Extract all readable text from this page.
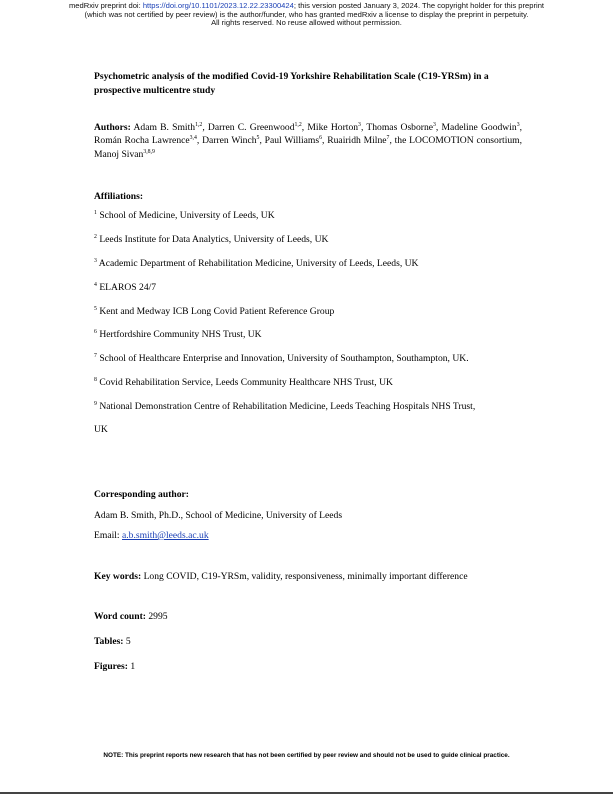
medRxiv preprint doi: https://doi.org/10.1101/2023.12.22.23300424; this version posted January 3, 2024. The copyright holder for this preprint
(which was not certified by peer review) is the author/funder, who has granted medRxiv a license to display the preprint in perpetuity.
All rights reserved. No reuse allowed without permission.
Psychometric analysis of the modified Covid-19 Yorkshire Rehabilitation Scale (C19-YRSm) in a prospective multicentre study
Authors: Adam B. Smith$^{1,2}$, Darren C. Greenwood$^{1,2}$, Mike Horton$^3$, Thomas Osborne$^3$, Madeline Goodwin$^3$, Román Rocha Lawrence$^{3,4}$, Darren Winch$^5$, Paul Williams$^6$, Ruairidh Milne$^7$, the LOCOMOTION consortium, Manoj Sivan$^{3,8,9}$
Affiliations:
$^1$ School of Medicine, University of Leeds, UK
$^2$ Leeds Institute for Data Analytics, University of Leeds, UK
$^3$ Academic Department of Rehabilitation Medicine, University of Leeds, Leeds, UK
$^4$ ELAROS 24/7
$^5$ Kent and Medway ICB Long Covid Patient Reference Group
$^6$ Hertfordshire Community NHS Trust, UK
$^7$ School of Healthcare Enterprise and Innovation, University of Southampton, Southampton, UK.
$^8$ Covid Rehabilitation Service, Leeds Community Healthcare NHS Trust, UK
$^9$ National Demonstration Centre of Rehabilitation Medicine, Leeds Teaching Hospitals NHS Trust,
UK
Corresponding author:
Adam B. Smith, Ph.D., School of Medicine, University of Leeds
Email: a.b.smith@leeds.ac.uk
Key words: Long COVID, C19-YRSm, validity, responsiveness, minimally important difference
Word count: 2995
Tables: 5
Figures: 1
NOTE: This preprint reports new research that has not been certified by peer review and should not be used to guide clinical practice.
